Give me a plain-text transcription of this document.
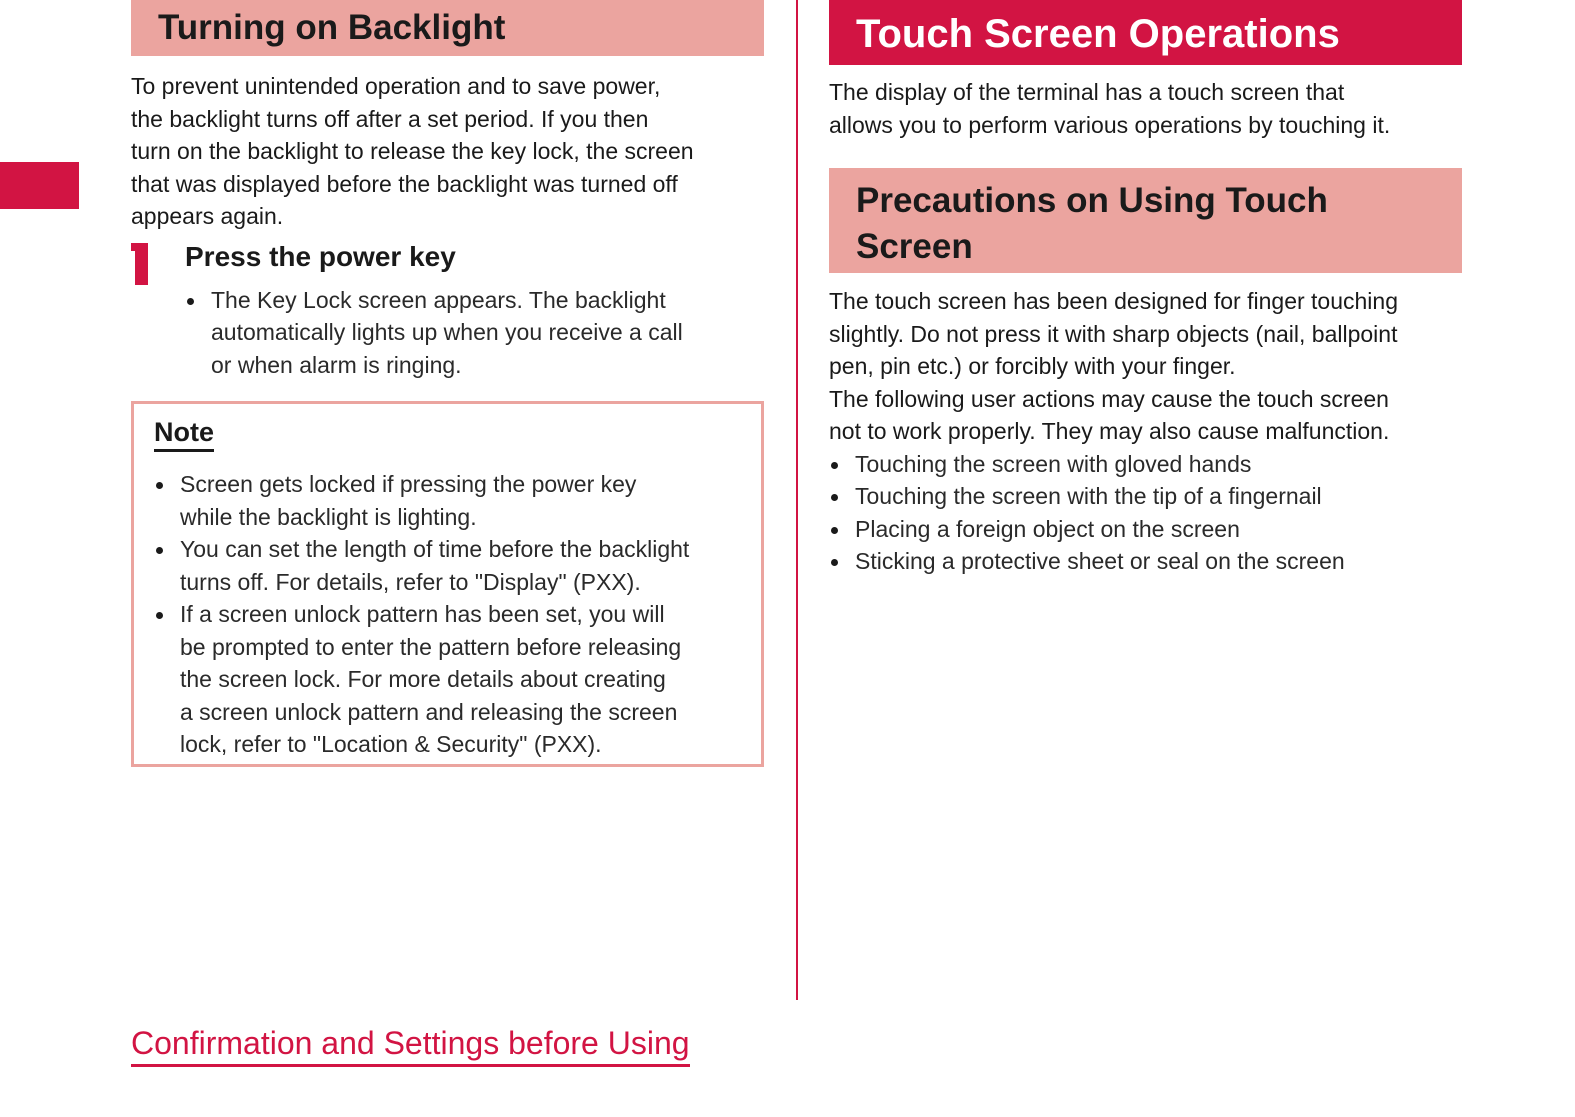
Turning on Backlight

To prevent unintended operation and to save power,

the backlight turns off after a set period. If you then

turn on the backlight to release the key lock, the screen

that was displayed before the backlight was turned off

appears again.

Press the power key
The Key Lock screen appears. The backlight
automatically lights up when you receive a call
or when alarm is ringing.
Note
Screen gets locked if pressing the power key
while the backlight is lighting.
You can set the length of time before the backlight
turns off. For details, refer to "Display" (PXX).
If a screen unlock pattern has been set, you will
be prompted to enter the pattern before releasing
the screen lock. For more details about creating
a screen unlock pattern and releasing the screen
lock, refer to "Location & Security" (PXX).
Touch Screen Operations

The display of the terminal has a touch screen that

allows you to perform various operations by touching it.

Precautions on Using Touch
Screen

The touch screen has been designed for finger touching

slightly. Do not press it with sharp objects (nail, ballpoint

pen, pin etc.) or forcibly with your finger.

The following user actions may cause the touch screen

not to work properly. They may also cause malfunction.

Touching the screen with gloved hands
Touching the screen with the tip of a fingernail
Placing a foreign object on the screen
Sticking a protective sheet or seal on the screen
Confirmation and Settings before Using
